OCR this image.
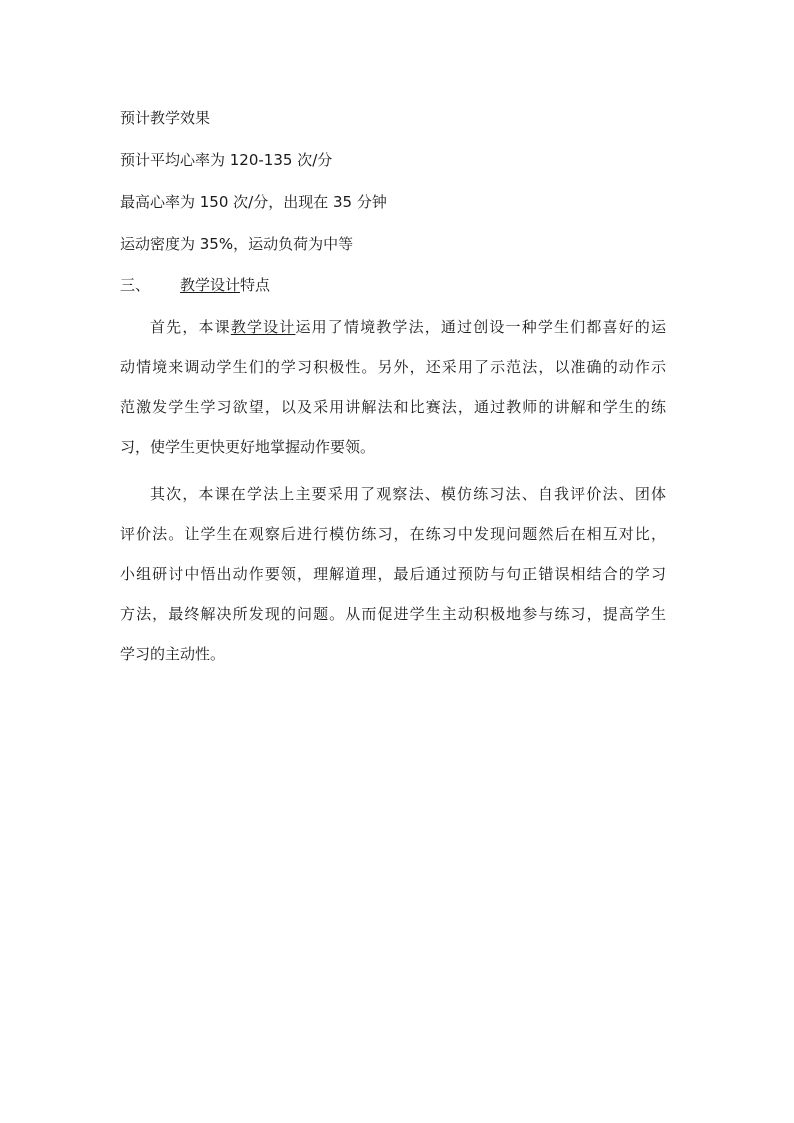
预计教学效果
预计平均心率为 120-135 次/分
最高心率为 150 次/分，出现在 35 分钟
运动密度为 35%，运动负荷为中等
三、 教学设计特点
首先，本课教学设计运用了情境教学法，通过创设一种学生们都喜好的运
动情境来调动学生们的学习积极性。另外，还采用了示范法，以准确的动作示
范激发学生学习欲望，以及采用讲解法和比赛法，通过教师的讲解和学生的练
习，使学生更快更好地掌握动作要领。
其次，本课在学法上主要采用了观察法、模仿练习法、自我评价法、团体
评价法。让学生在观察后进行模仿练习，在练习中发现问题然后在相互对比，
小组研讨中悟出动作要领，理解道理，最后通过预防与句正错误相结合的学习
方法，最终解决所发现的问题。从而促进学生主动积极地参与练习，提高学生
学习的主动性。
